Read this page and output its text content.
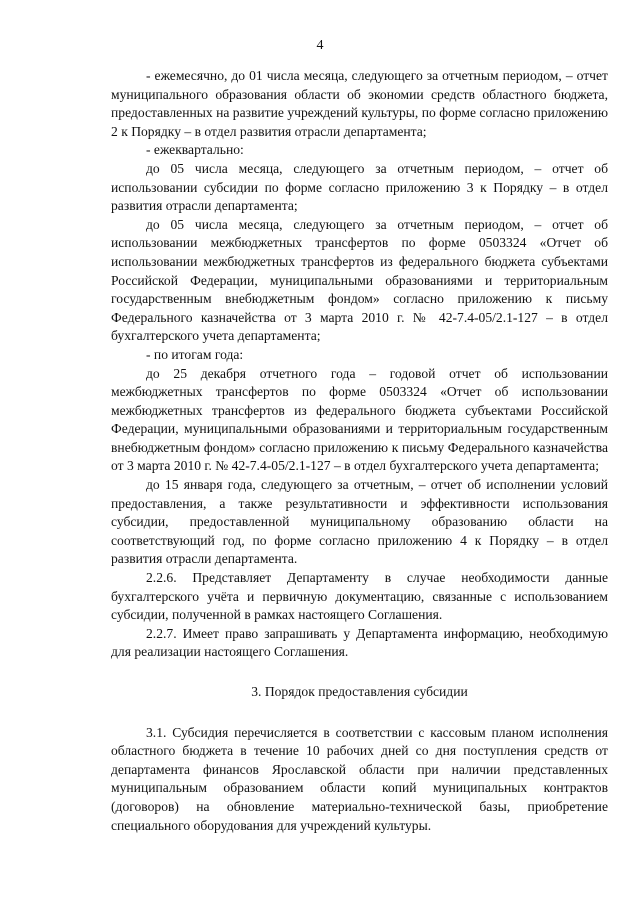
4

- ежемесячно, до 01 числа месяца, следующего за отчетным периодом, – отчет муниципального образования области об экономии средств областного бюджета, предоставленных на развитие учреждений культуры, по форме согласно приложению 2 к Порядку – в отдел развития отрасли департамента;

- ежеквартально:

до 05 числа месяца, следующего за отчетным периодом, – отчет об использовании субсидии по форме согласно приложению 3 к Порядку – в отдел развития отрасли департамента;

до 05 числа месяца, следующего за отчетным периодом, – отчет об использовании межбюджетных трансфертов по форме 0503324 «Отчет об использовании межбюджетных трансфертов из федерального бюджета субъектами Российской Федерации, муниципальными образованиями и территориальным государственным внебюджетным фондом» согласно приложению к письму Федерального казначейства от 3 марта 2010 г. № 42-7.4-05/2.1-127 – в отдел бухгалтерского учета департамента;

- по итогам года:

до 25 декабря отчетного года – годовой отчет об использовании межбюджетных трансфертов по форме 0503324 «Отчет об использовании межбюджетных трансфертов из федерального бюджета субъектами Российской Федерации, муниципальными образованиями и территориальным государственным внебюджетным фондом» согласно приложению к письму Федерального казначейства от 3 марта 2010 г. № 42-7.4-05/2.1-127 – в отдел бухгалтерского учета департамента;

до 15 января года, следующего за отчетным, – отчет об исполнении условий предоставления, а также результативности и эффективности использования субсидии, предоставленной муниципальному образованию области на соответствующий год, по форме согласно приложению 4 к Порядку – в отдел развития отрасли департамента.

2.2.6. Представляет Департаменту в случае необходимости данные бухгалтерского учёта и первичную документацию, связанные с использованием субсидии, полученной в рамках настоящего Соглашения.

2.2.7. Имеет право запрашивать у Департамента информацию, необходимую для реализации настоящего Соглашения.

3. Порядок предоставления субсидии

3.1. Субсидия перечисляется в соответствии с кассовым планом исполнения областного бюджета в течение 10 рабочих дней со дня поступления средств от департамента финансов Ярославской области при наличии представленных муниципальным образованием области копий муниципальных контрактов (договоров) на обновление материально-технической базы, приобретение специального оборудования для учреждений культуры.
